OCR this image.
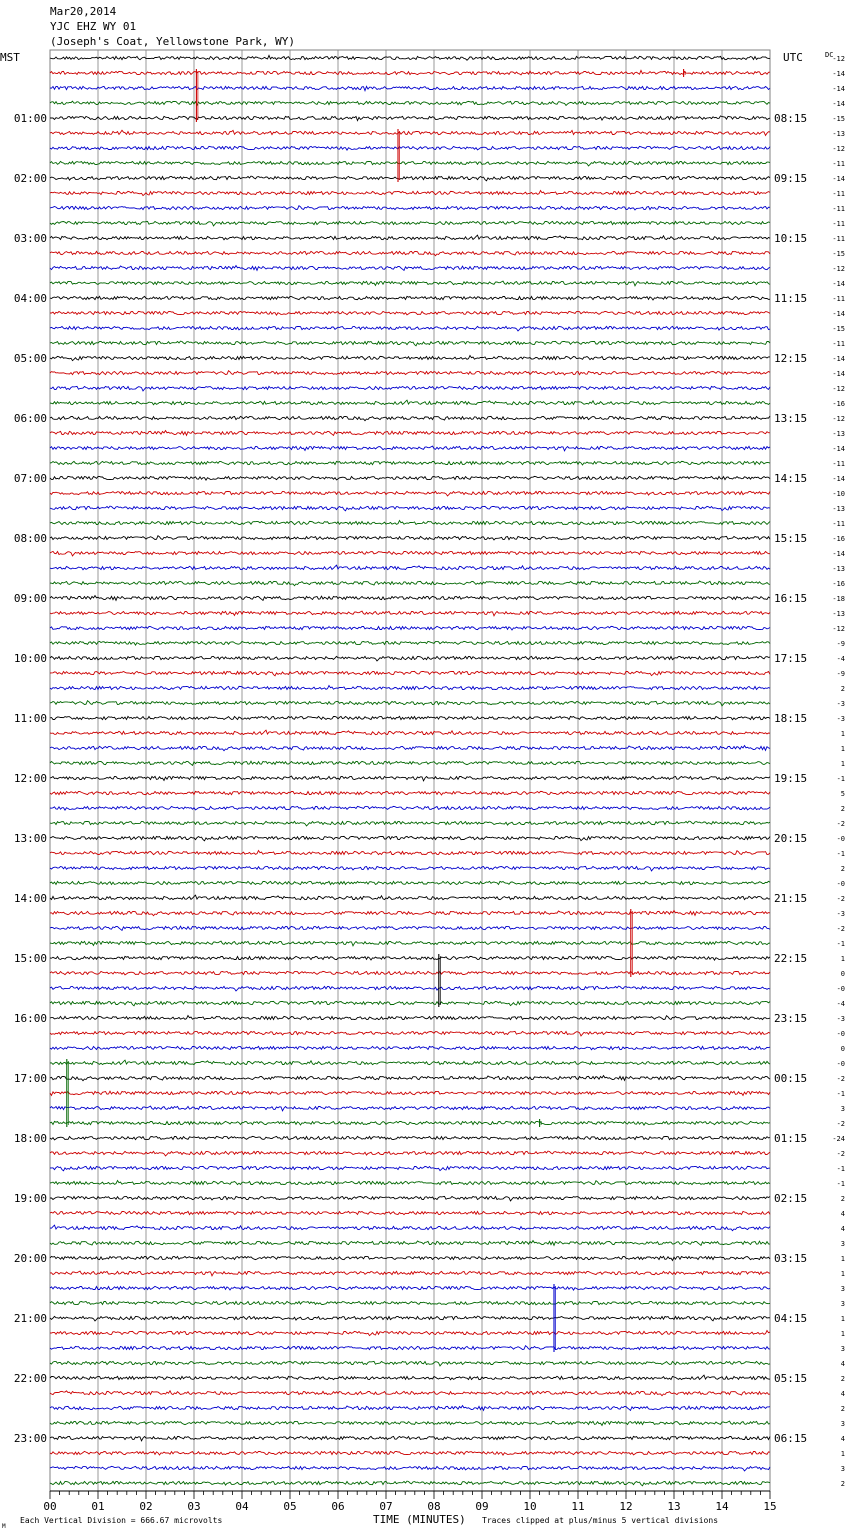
Mar20,2014
YJC EHZ WY 01
(Joseph's Coat, Yellowstone Park, WY)
-12
-14
-14
-14
-15
-13
-12
-11
-14
-11
-11
-11
-11
-15
-12
-14
-11
-14
-15
-11
-14
-14
-12
-16
-12
-13
-14
-11
-14
-10
-13
-11
-16
-14
-13
-16
-18
-13
-12
-9
-4
-9
2
-3
-3
1
1
1
-1
5
2
-2
-0
-1
2
-0
-2
-3
-2
-1
1
0
-0
-4
-3
-0
0
-0
-2
-1
3
-2
-24
-2
-1
-1
2
4
4
3
1
1
3
3
1
1
3
4
2
4
2
3
4
1
3
2
01:00
02:00
03:00
04:00
05:00
06:00
07:00
08:00
09:00
10:00
11:00
12:00
13:00
14:00
15:00
16:00
17:00
18:00
19:00
20:00
21:00
22:00
23:00
08:15
09:15
10:15
11:15
12:15
13:15
14:15
15:15
16:15
17:15
18:15
19:15
20:15
21:15
22:15
23:15
00:15
01:15
02:15
03:15
04:15
05:15
06:15
00	01	02	03	04	05	06	07	08	09	10	11	12	13	14	15
MST	UTC	DC
TIME (MINUTES)
Each Vertical Division = 666.67 microvolts	Traces clipped at plus/minus 5 vertical divisions
M
